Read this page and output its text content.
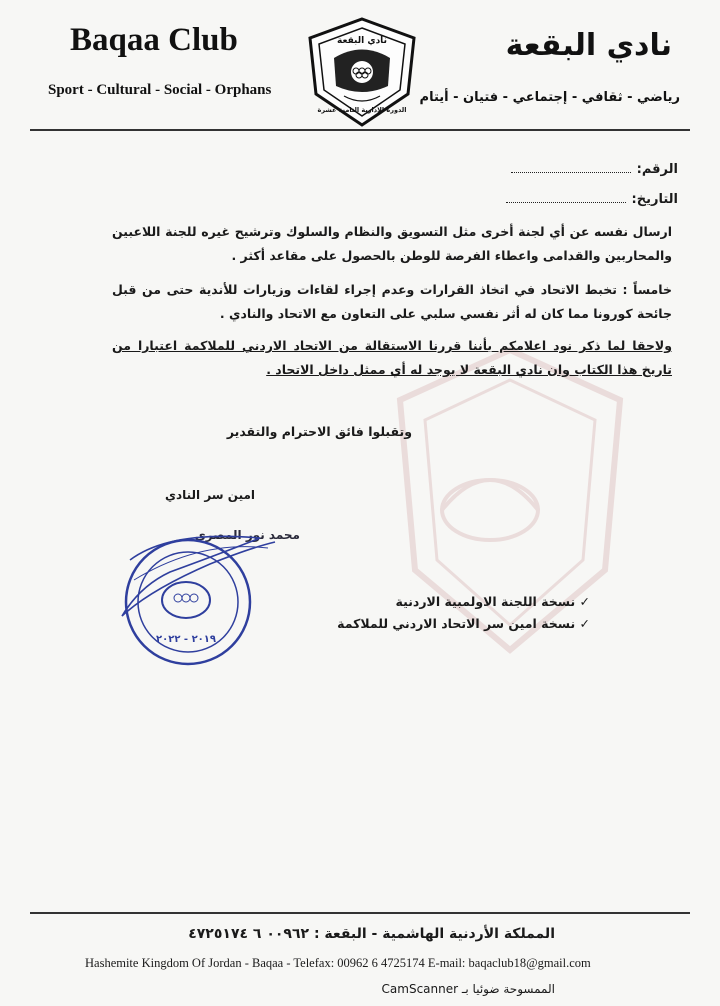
Baqaa Club
Sport - Cultural - Social - Orphans
نادي البقعة
الدورة الإدارية الثامنة عشرة
نادي البقعة
رياضي - ثقافي - إجتماعي - فتيان - أيتام
الرقم:
التاريخ:
ارسال نفسه عن أي لجنة أخرى مثل التسويق والنظام والسلوك وترشيح غيره للجنة اللاعبين والمحاربين والقدامى واعطاء الفرصة للوطن بالحصول على مقاعد أكثر .
خامساً : تخبط الاتحاد في اتخاذ القرارات وعدم إجراء لقاءات وزيارات للأندية حتى من قبل جائحة كورونا مما كان له أثر نفسي سلبي على التعاون مع الاتحاد والنادي .
ولاحقا لما ذكر نود اعلامكم بأننا قررنا الاستقالة من الاتحاد الاردني للملاكمة اعتبارا من تاريخ هذا الكتاب وان نادي البقعة لا يوجد له أي ممثل داخل الاتحاد .
وتقبلوا فائق الاحترام والتقدير
امين سر النادي
محمد نور المصري
٢٠١٩ - ٢٠٢٢
✓ نسخة اللجنة الاولمبية الاردنية
✓ نسخة امين سر الاتحاد الاردني للملاكمة
المملكة الأردنية الهاشمية - البقعة : ٠٠٩٦٢ ٦ ٤٧٢٥١٧٤
Hashemite Kingdom Of Jordan - Baqaa - Telefax: 00962 6 4725174 E-mail: baqaclub18@gmail.com
الممسوحة ضوئيا بـ CamScanner
